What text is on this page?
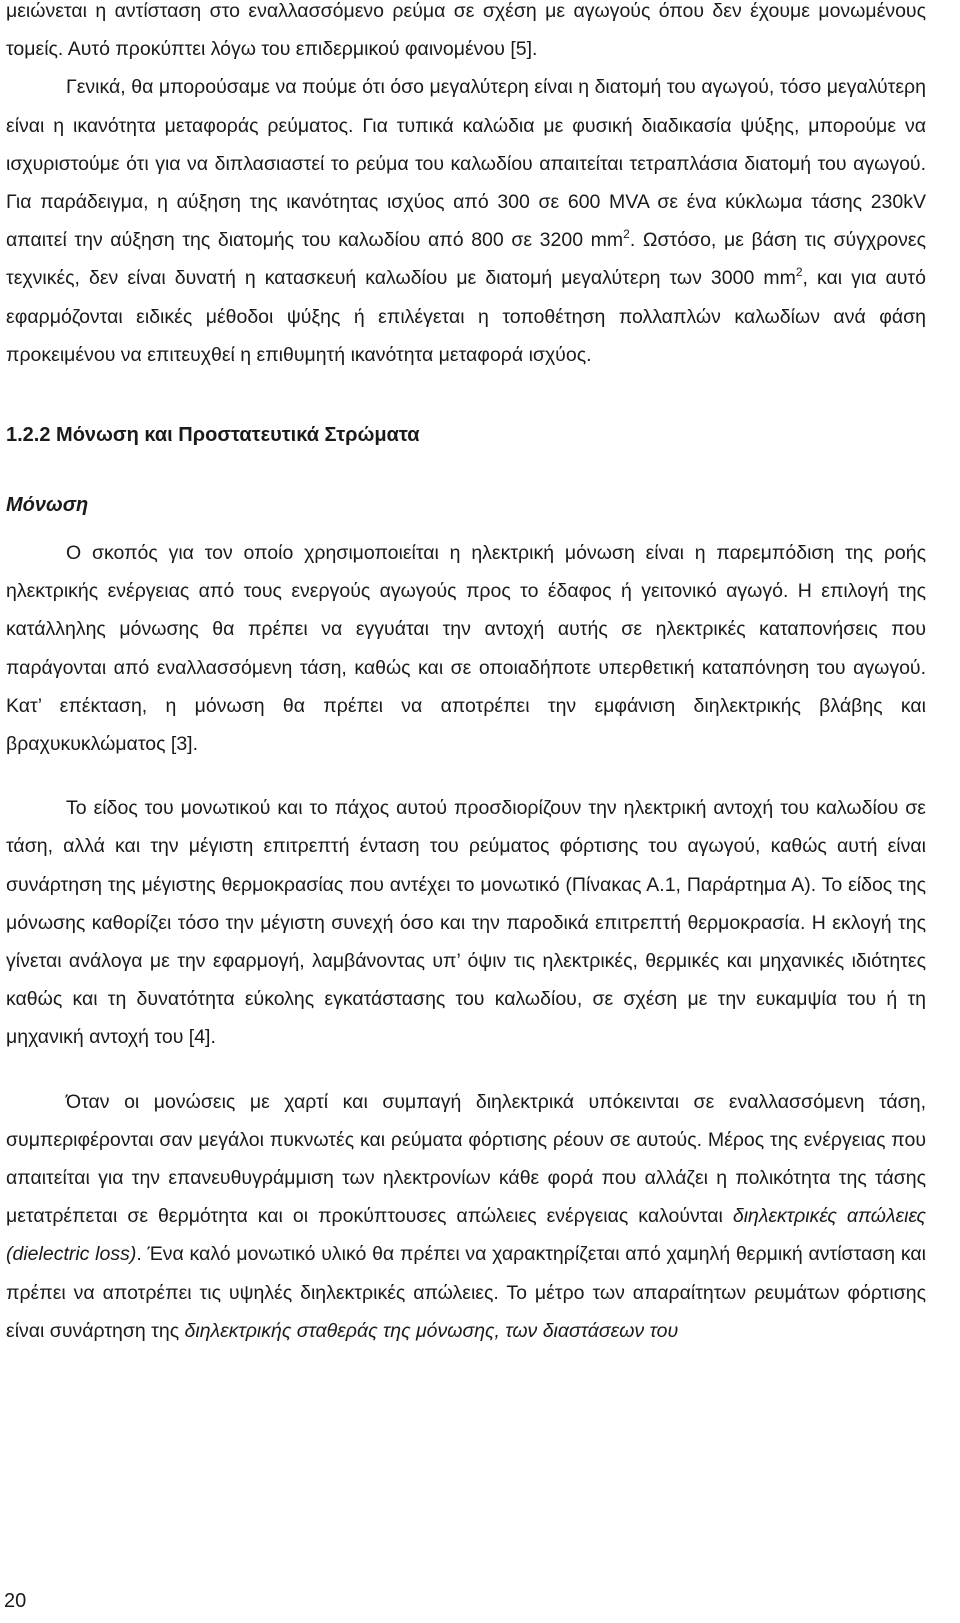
μειώνεται η αντίσταση στο εναλλασσόμενο ρεύμα σε σχέση με αγωγούς όπου δεν έχουμε μονωμένους τομείς. Αυτό προκύπτει λόγω του επιδερμικού φαινομένου [5].

Γενικά, θα μπορούσαμε να πούμε ότι όσο μεγαλύτερη είναι η διατομή του αγωγού, τόσο μεγαλύτερη είναι η ικανότητα μεταφοράς ρεύματος. Για τυπικά καλώδια με φυσική διαδικασία ψύξης, μπορούμε να ισχυριστούμε ότι για να διπλασιαστεί το ρεύμα του καλωδίου απαιτείται τετραπλάσια διατομή του αγωγού. Για παράδειγμα, η αύξηση της ικανότητας ισχύος από 300 σε 600 MVA σε ένα κύκλωμα τάσης 230kV απαιτεί την αύξηση της διατομής του καλωδίου από 800 σε 3200 $mm^2$. Ωστόσο, με βάση τις σύγχρονες τεχνικές, δεν είναι δυνατή η κατασκευή καλωδίου με διατομή μεγαλύτερη των 3000 $mm^2$, και για αυτό εφαρμόζονται ειδικές μέθοδοι ψύξης ή επιλέγεται η τοποθέτηση πολλαπλών καλωδίων ανά φάση προκειμένου να επιτευχθεί η επιθυμητή ικανότητα μεταφορά ισχύος.

1.2.2 Μόνωση και Προστατευτικά Στρώματα

Μόνωση

Ο σκοπός για τον οποίο χρησιμοποιείται η ηλεκτρική μόνωση είναι η παρεμπόδιση της ροής ηλεκτρικής ενέργειας από τους ενεργούς αγωγούς προς το έδαφος ή γειτονικό αγωγό. Η επιλογή της κατάλληλης μόνωσης θα πρέπει να εγγυάται την αντοχή αυτής σε ηλεκτρικές καταπονήσεις που παράγονται από εναλλασσόμενη τάση, καθώς και σε οποιαδήποτε υπερθετική καταπόνηση του αγωγού. Κατ’ επέκταση, η μόνωση θα πρέπει να αποτρέπει την εμφάνιση διηλεκτρικής βλάβης και βραχυκυκλώματος [3].

Το είδος του μονωτικού και το πάχος αυτού προσδιορίζουν την ηλεκτρική αντοχή του καλωδίου σε τάση, αλλά και την μέγιστη επιτρεπτή ένταση του ρεύματος φόρτισης του αγωγού, καθώς αυτή είναι συνάρτηση της μέγιστης θερμοκρασίας που αντέχει το μονωτικό (Πίνακας Α.1, Παράρτημα Α). Το είδος της μόνωσης καθορίζει τόσο την μέγιστη συνεχή όσο και την παροδικά επιτρεπτή θερμοκρασία. Η εκλογή της γίνεται ανάλογα με την εφαρμογή, λαμβάνοντας υπ’ όψιν τις ηλεκτρικές, θερμικές και μηχανικές ιδιότητες καθώς και τη δυνατότητα εύκολης εγκατάστασης του καλωδίου, σε σχέση με την ευκαμψία του ή τη μηχανική αντοχή του [4].

Όταν οι μονώσεις με χαρτί και συμπαγή διηλεκτρικά υπόκεινται σε εναλλασσόμενη τάση, συμπεριφέρονται σαν μεγάλοι πυκνωτές και ρεύματα φόρτισης ρέουν σε αυτούς. Μέρος της ενέργειας που απαιτείται για την επανευθυγράμμιση των ηλεκτρονίων κάθε φορά που αλλάζει η πολικότητα της τάσης μετατρέπεται σε θερμότητα και οι προκύπτουσες απώλειες ενέργειας καλούνται διηλεκτρικές απώλειες (dielectric loss). Ένα καλό μονωτικό υλικό θα πρέπει να χαρακτηρίζεται από χαμηλή θερμική αντίσταση και πρέπει να αποτρέπει τις υψηλές διηλεκτρικές απώλειες. Το μέτρο των απαραίτητων ρευμάτων φόρτισης είναι συνάρτηση της διηλεκτρικής σταθεράς της μόνωσης, των διαστάσεων του

20
